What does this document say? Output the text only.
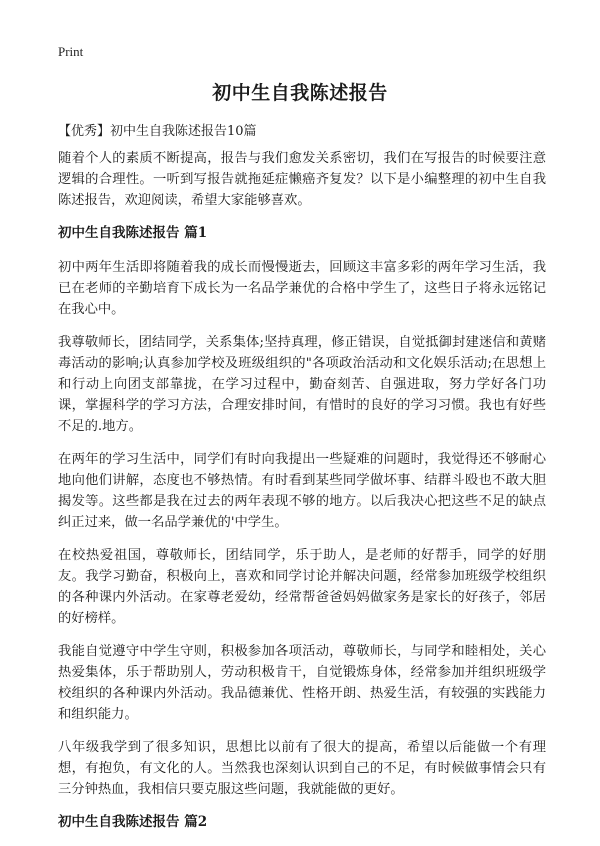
Print
初中生自我陈述报告

【优秀】初中生自我陈述报告10篇

随着个人的素质不断提高，报告与我们愈发关系密切，我们在写报告的时候要注意逻辑的合理性。一听到写报告就拖延症懒癌齐复发？以下是小编整理的初中生自我陈述报告，欢迎阅读，希望大家能够喜欢。

初中生自我陈述报告 篇1

初中两年生活即将随着我的成长而慢慢逝去，回顾这丰富多彩的两年学习生活，我已在老师的辛勤培育下成长为一名品学兼优的合格中学生了，这些日子将永远铭记在我心中。

我尊敬师长，团结同学，关系集体;坚持真理，修正错误，自觉抵御封建迷信和黄赌毒活动的影响;认真参加学校及班级组织的"各项政治活动和文化娱乐活动;在思想上和行动上向团支部靠拢，在学习过程中，勤奋刻苦、自强进取，努力学好各门功课，掌握科学的学习方法，合理安排时间，有惜时的良好的学习习惯。我也有好些不足的.地方。

在两年的学习生活中，同学们有时向我提出一些疑难的问题时，我觉得还不够耐心地向他们讲解，态度也不够热情。有时看到某些同学做坏事、结群斗殴也不敢大胆揭发等。这些都是我在过去的两年表现不够的地方。以后我决心把这些不足的缺点纠正过来，做一名品学兼优的'中学生。

在校热爱祖国，尊敬师长，团结同学，乐于助人，是老师的好帮手，同学的好朋友。我学习勤奋，积极向上，喜欢和同学讨论并解决问题，经常参加班级学校组织的各种课内外活动。在家尊老爱幼，经常帮爸爸妈妈做家务是家长的好孩子，邻居的好榜样。

我能自觉遵守中学生守则，积极参加各项活动，尊敬师长，与同学和睦相处，关心热爱集体，乐于帮助别人，劳动积极肯干，自觉锻炼身体，经常参加并组织班级学校组织的各种课内外活动。我品德兼优、性格开朗、热爱生活，有较强的实践能力和组织能力。

八年级我学到了很多知识，思想比以前有了很大的提高，希望以后能做一个有理想，有抱负，有文化的人。当然我也深刻认识到自己的不足，有时候做事情会只有三分钟热血，我相信只要克服这些问题，我就能做的更好。

初中生自我陈述报告 篇2
